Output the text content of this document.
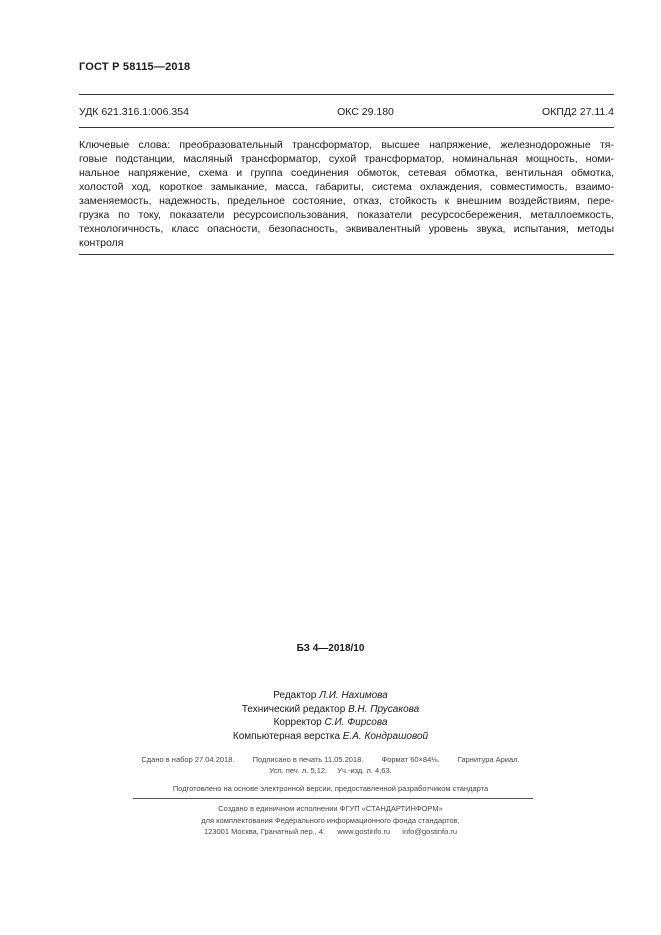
ГОСТ Р 58115—2018
УДК 621.316.1:006.354	ОКС 29.180	ОКПД2 27.11.4
Ключевые слова: преобразовательный трансформатор, высшее напряжение, железнодорожные тя-
говые подстанции, масляный трансформатор, сухой трансформатор, номинальная мощность, номи-
нальное напряжение, схема и группа соединения обмоток, сетевая обмотка, вентильная обмотка,
холостой ход, короткое замыкание, масса, габариты, система охлаждения, совместимость, взаимо-
заменяемость, надежность, предельное состояние, отказ, стойкость к внешним воздействиям, пере-
грузка по току, показатели ресурсоиспользования, показатели ресурсосбережения, металлоемкость,
технологичность, класс опасности, безопасность, эквивалентный уровень звука, испытания, методы
контроля
БЗ 4—2018/10
Редактор Л.И. Нахимова
Технический редактор В.Н. Прусакова
Корректор С.И. Фирсова
Компьютерная верстка Е.А. Кондрашовой
Сдано в набор 27.04.2018. Подписано в печать 11.05.2018. Формат 60×84⅛. Гарнитура Ариал.
Усл. печ. л. 5,12. Уч.-изд. л. 4,63.
Подготовлено на основе электронной версии, предоставленной разработчиком стандарта
Создано в единичном исполнении ФГУП «СТАНДАРТИНФОРМ»
для комплектования Федерального информационного фонда стандартов,
123001 Москва, Гранатный пер., 4. www.gostinfo.ru info@gostinfo.ru
